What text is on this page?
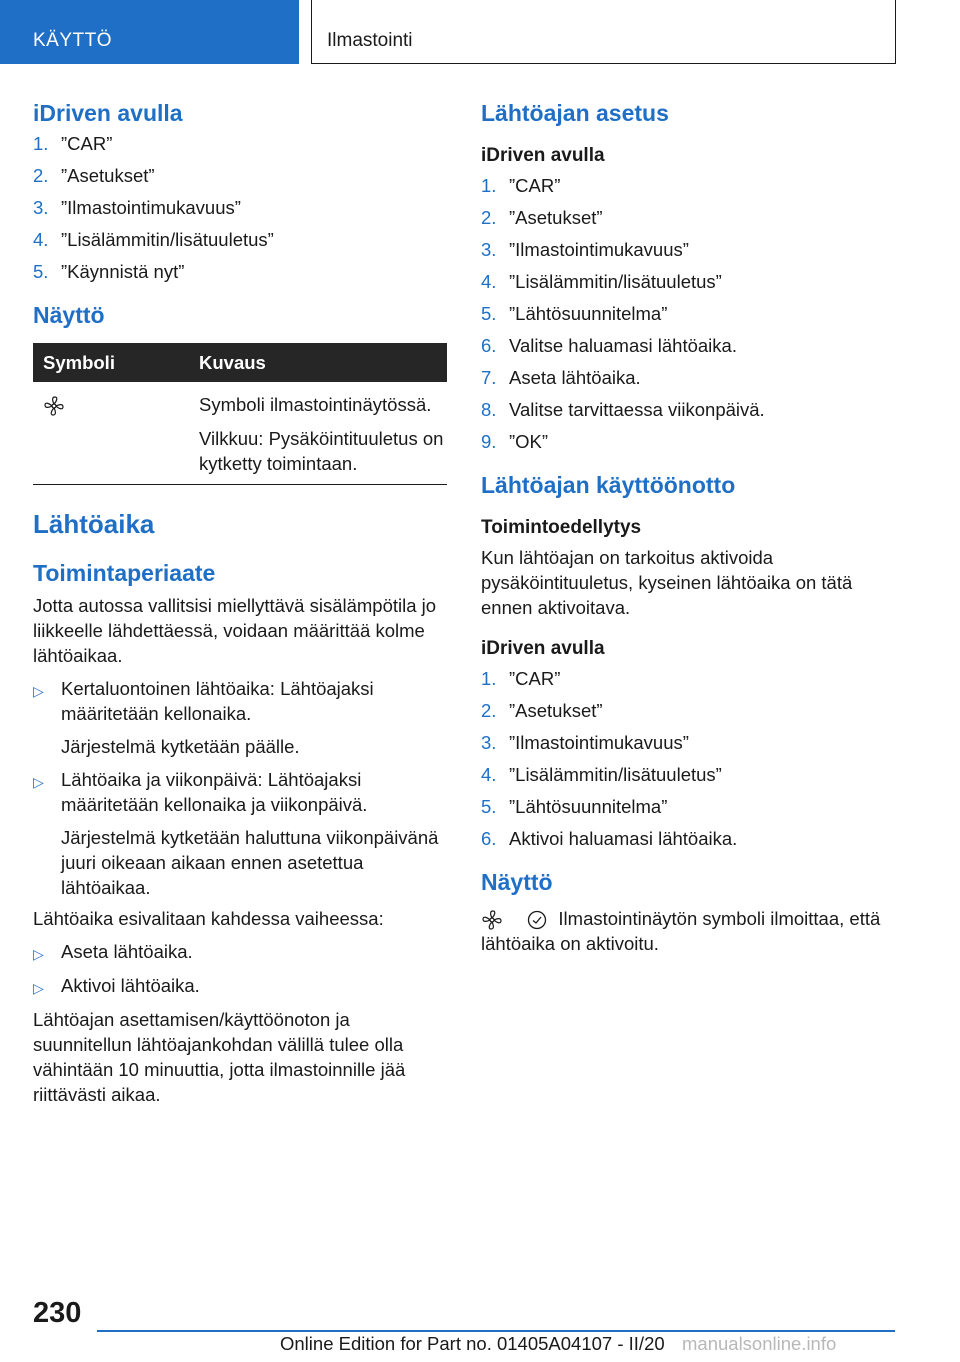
KÄYTTÖ	Ilmastointi
iDriven avulla
1. ”CAR”
2. ”Asetukset”
3. ”Ilmastointimukavuus”
4. ”Lisälämmitin/lisätuuletus”
5. ”Käynnistä nyt”
Näyttö
Symboli	Kuvaus

Symboli ilmastointinäytössä.

Vilkkuu: Pysäköintituuletus on kytketty toimintaan.

Lähtöaika
Toimintaperiaate

Jotta autossa vallitsisi miellyttävä sisälämpötila jo liikkeelle lähdettäessä, voidaan määrittää kolme lähtöaikaa.

▷ Kertaluontoinen lähtöaika: Lähtöajaksi määritetään kellonaika.

Järjestelmä kytketään päälle.

▷ Lähtöaika ja viikonpäivä: Lähtöajaksi määritetään kellonaika ja viikonpäivä.

Järjestelmä kytketään haluttuna viikonpäivänä juuri oikeaan aikaan ennen asetettua lähtöaikaa.

Lähtöaika esivalitaan kahdessa vaiheessa:

▷ Aseta lähtöaika.
▷ Aktivoi lähtöaika.

Lähtöajan asettamisen/käyttöönoton ja suunnitellun lähtöajankohdan välillä tulee olla vähintään 10 minuuttia, jotta ilmastoinnille jää riittävästi aikaa.

Lähtöajan asetus
iDriven avulla
1. ”CAR”
2. ”Asetukset”
3. ”Ilmastointimukavuus”
4. ”Lisälämmitin/lisätuuletus”
5. ”Lähtösuunnitelma”
6. Valitse haluamasi lähtöaika.
7. Aseta lähtöaika.
8. Valitse tarvittaessa viikonpäivä.
9. ”OK”
Lähtöajan käyttöönotto
Toimintoedellytys

Kun lähtöajan on tarkoitus aktivoida pysäköintituuletus, kyseinen lähtöaika on tätä ennen aktivoitava.

iDriven avulla
1. ”CAR”
2. ”Asetukset”
3. ”Ilmastointimukavuus”
4. ”Lisälämmitin/lisätuuletus”
5. ”Lähtösuunnitelma”
6. Aktivoi haluamasi lähtöaika.
Näyttö

Ilmastointinäytön symboli ilmoittaa, että lähtöaika on aktivoitu.

230
Online Edition for Part no. 01405A04107 - II/20 manualsonline.info
